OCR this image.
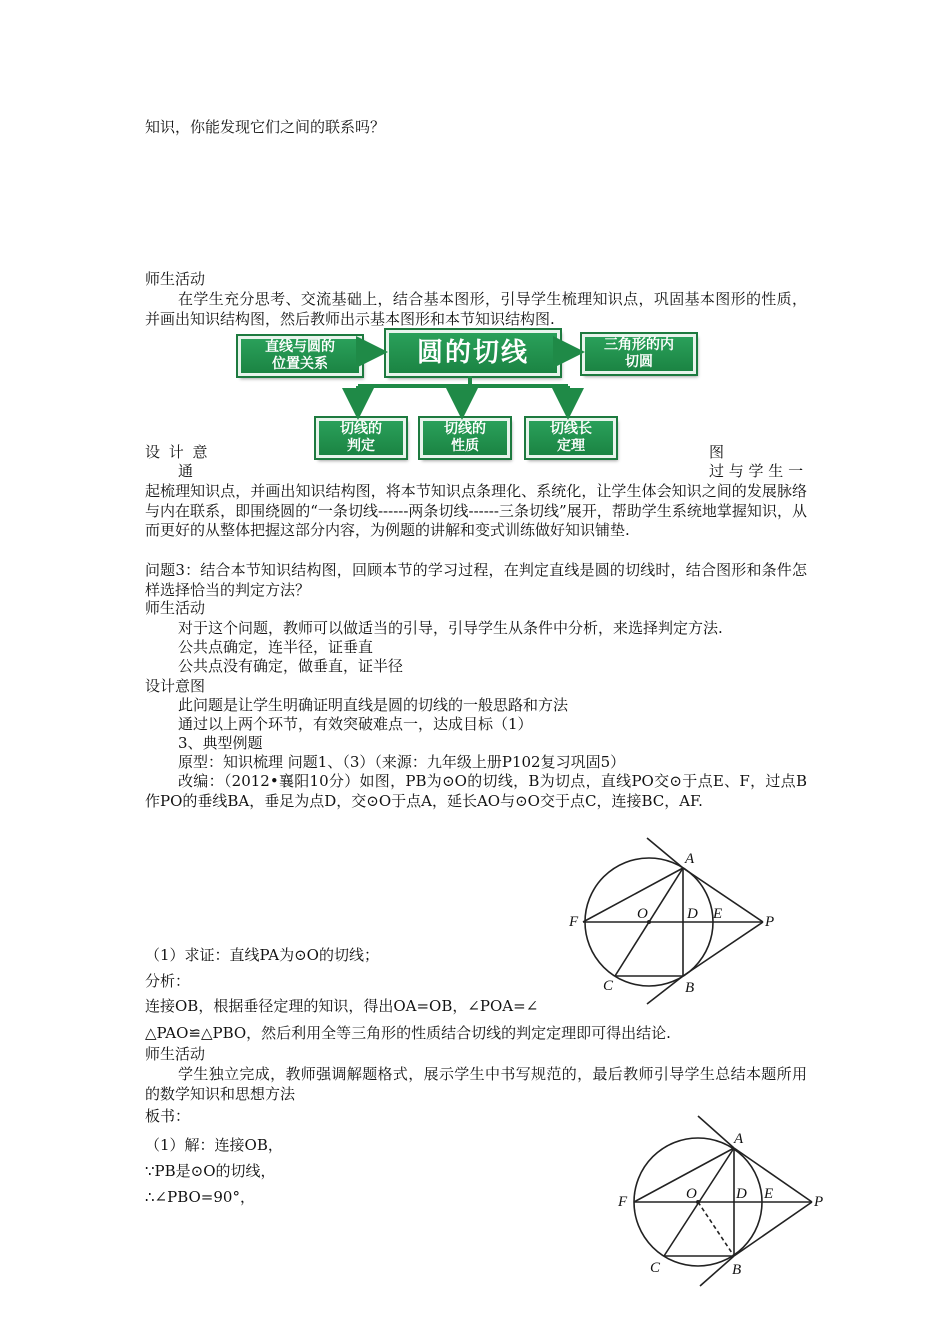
知识，你能发现它们之间的联系吗？
师生活动
在学生充分思考、交流基础上，结合基本图形，引导学生梳理知识点，巩固基本图形的性质，并画出知识结构图，然后教师出示基本图形和本节知识结构图.
直线与圆的
位置关系	圆的切线	三角形的内
切圆
切线的
判定
切线的
性质
切线长
定理
设 计 意	图
通	过 与 学 生 一
起梳理知识点，并画出知识结构图，将本节知识点条理化、系统化，让学生体会知识之间的发展脉络与内在联系，即围绕圆的“一条切线------两条切线------三条切线”展开，帮助学生系统地掌握知识，从而更好的从整体把握这部分内容，为例题的讲解和变式训练做好知识铺垫.
问题3：结合本节知识结构图，回顾本节的学习过程，在判定直线是圆的切线时，结合图形和条件怎样选择恰当的判定方法？
师生活动
对于这个问题，教师可以做适当的引导，引导学生从条件中分析，来选择判定方法.
公共点确定，连半径，证垂直
公共点没有确定，做垂直，证半径
设计意图
此问题是让学生明确证明直线是圆的切线的一般思路和方法
通过以上两个环节，有效突破难点一，达成目标（1）
3、典型例题
原型：知识梳理 问题1、（3）（来源：九年级上册P102复习巩固5）
改编：（2012•襄阳10分）如图，PB为⊙O的切线，B为切点，直线PO交⊙于点E、F，过点B作PO的垂线BA，垂足为点D，交⊙O于点A，延长AO与⊙O交于点C，连接BC，AF.
A
B
C
D E
F	O	P
（1）求证：直线PA为⊙O的切线；
分析：
连接OB，根据垂径定理的知识，得出OA=OB，∠POA=∠
△PAO≌△PBO，然后利用全等三角形的性质结合切线的判定定理即可得出结论.
师生活动
学生独立完成，教师强调解题格式，展示学生中书写规范的，最后教师引导学生总结本题所用的数学知识和思想方法
板书：
（1）解：连接OB，
∵PB是⊙O的切线，
∴∠PBO=90°，
A
B
C
D E
F	O	P
